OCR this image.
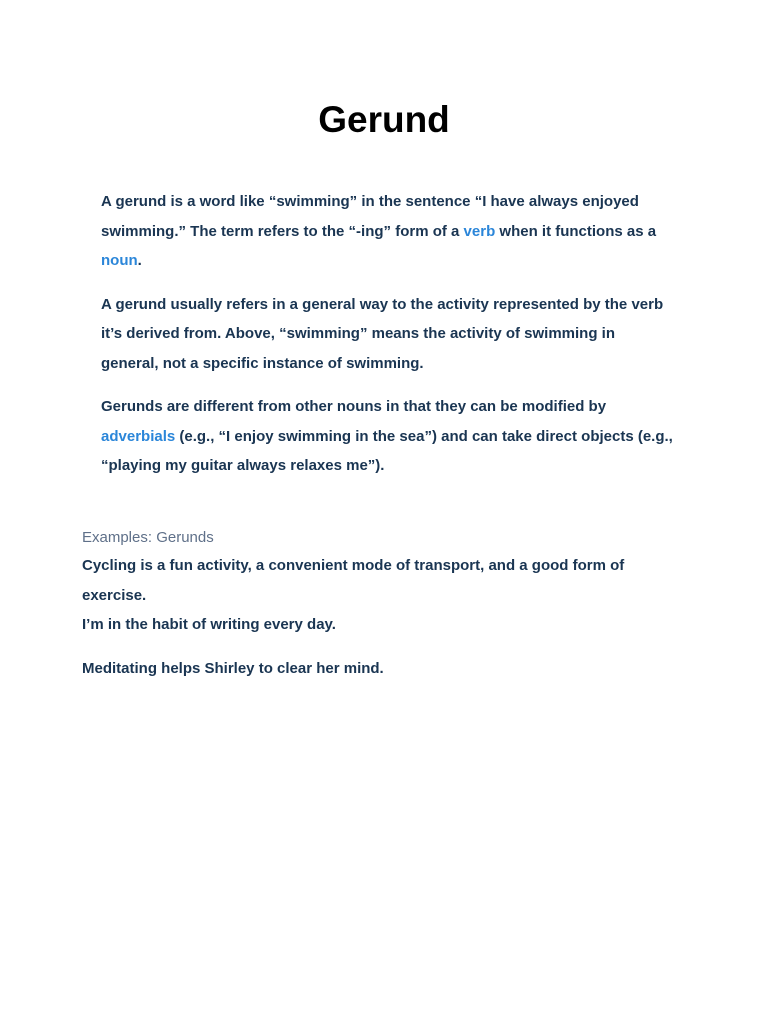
Gerund

A gerund is a word like “swimming” in the sentence “I have always enjoyed swimming.” The term refers to the “-ing” form of a verb when it functions as a noun.

A gerund usually refers in a general way to the activity represented by the verb it’s derived from. Above, “swimming” means the activity of swimming in general, not a specific instance of swimming.

Gerunds are different from other nouns in that they can be modified by adverbials (e.g., “I enjoy swimming in the sea”) and can take direct objects (e.g., “playing my guitar always relaxes me”).

Examples: Gerunds

Cycling is a fun activity, a convenient mode of transport, and a good form of exercise.

I’m in the habit of writing every day.

Meditating helps Shirley to clear her mind.
